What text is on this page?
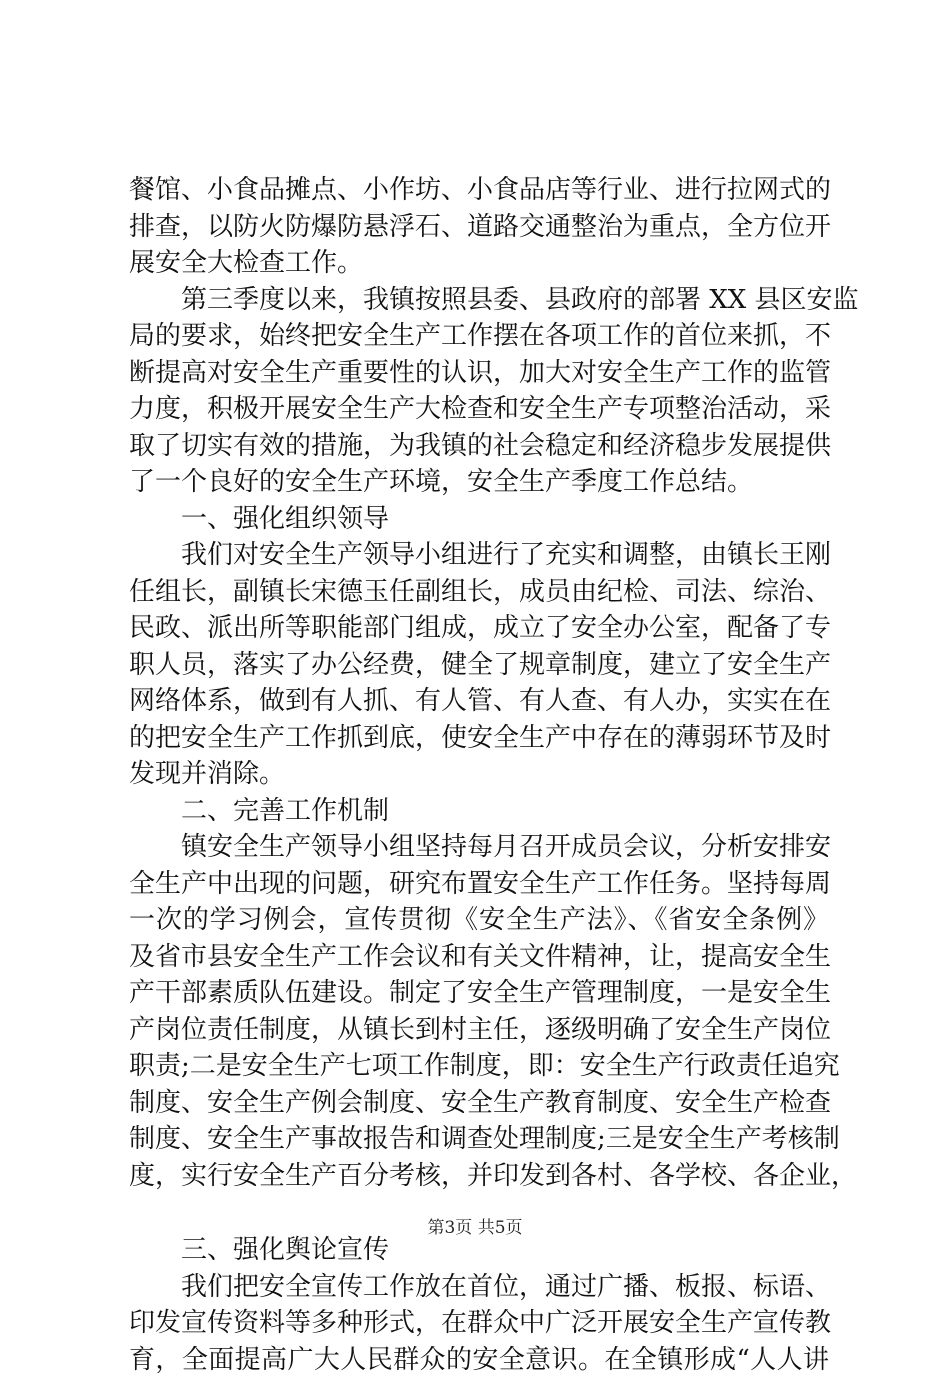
餐馆、小食品摊点、小作坊、小食品店等行业、进行拉网式的
排查，以防火防爆防悬浮石、道路交通整治为重点，全方位开
展安全大检查工作。
第三季度以来，我镇按照县委、县政府的部署 XX 县区安监
局的要求，始终把安全生产工作摆在各项工作的首位来抓，不
断提高对安全生产重要性的认识，加大对安全生产工作的监管
力度，积极开展安全生产大检查和安全生产专项整治活动，采
取了切实有效的措施，为我镇的社会稳定和经济稳步发展提供
了一个良好的安全生产环境，安全生产季度工作总结。
一、强化组织领导
我们对安全生产领导小组进行了充实和调整，由镇长王刚
任组长，副镇长宋德玉任副组长，成员由纪检、司法、综治、
民政、派出所等职能部门组成，成立了安全办公室，配备了专
职人员，落实了办公经费，健全了规章制度，建立了安全生产
网络体系，做到有人抓、有人管、有人查、有人办，实实在在
的把安全生产工作抓到底，使安全生产中存在的薄弱环节及时
发现并消除。
二、完善工作机制
镇安全生产领导小组坚持每月召开成员会议，分析安排安
全生产中出现的问题，研究布置安全生产工作任务。坚持每周
一次的学习例会，宣传贯彻《安全生产法》、《省安全条例》
及省市县安全生产工作会议和有关文件精神，让，提高安全生
产干部素质队伍建设。制定了安全生产管理制度，一是安全生
产岗位责任制度，从镇长到村主任，逐级明确了安全生产岗位
职责;二是安全生产七项工作制度，即：安全生产行政责任追究
制度、安全生产例会制度、安全生产教育制度、安全生产检查
制度、安全生产事故报告和调查处理制度;三是安全生产考核制
度，实行安全生产百分考核，并印发到各村、各学校、各企业，
三、强化舆论宣传
我们把安全宣传工作放在首位，通过广播、板报、标语、
印发宣传资料等多种形式，在群众中广泛开展安全生产宣传教
育，全面提高广大人民群众的安全意识。在全镇形成“人人讲
第3页 共5页
